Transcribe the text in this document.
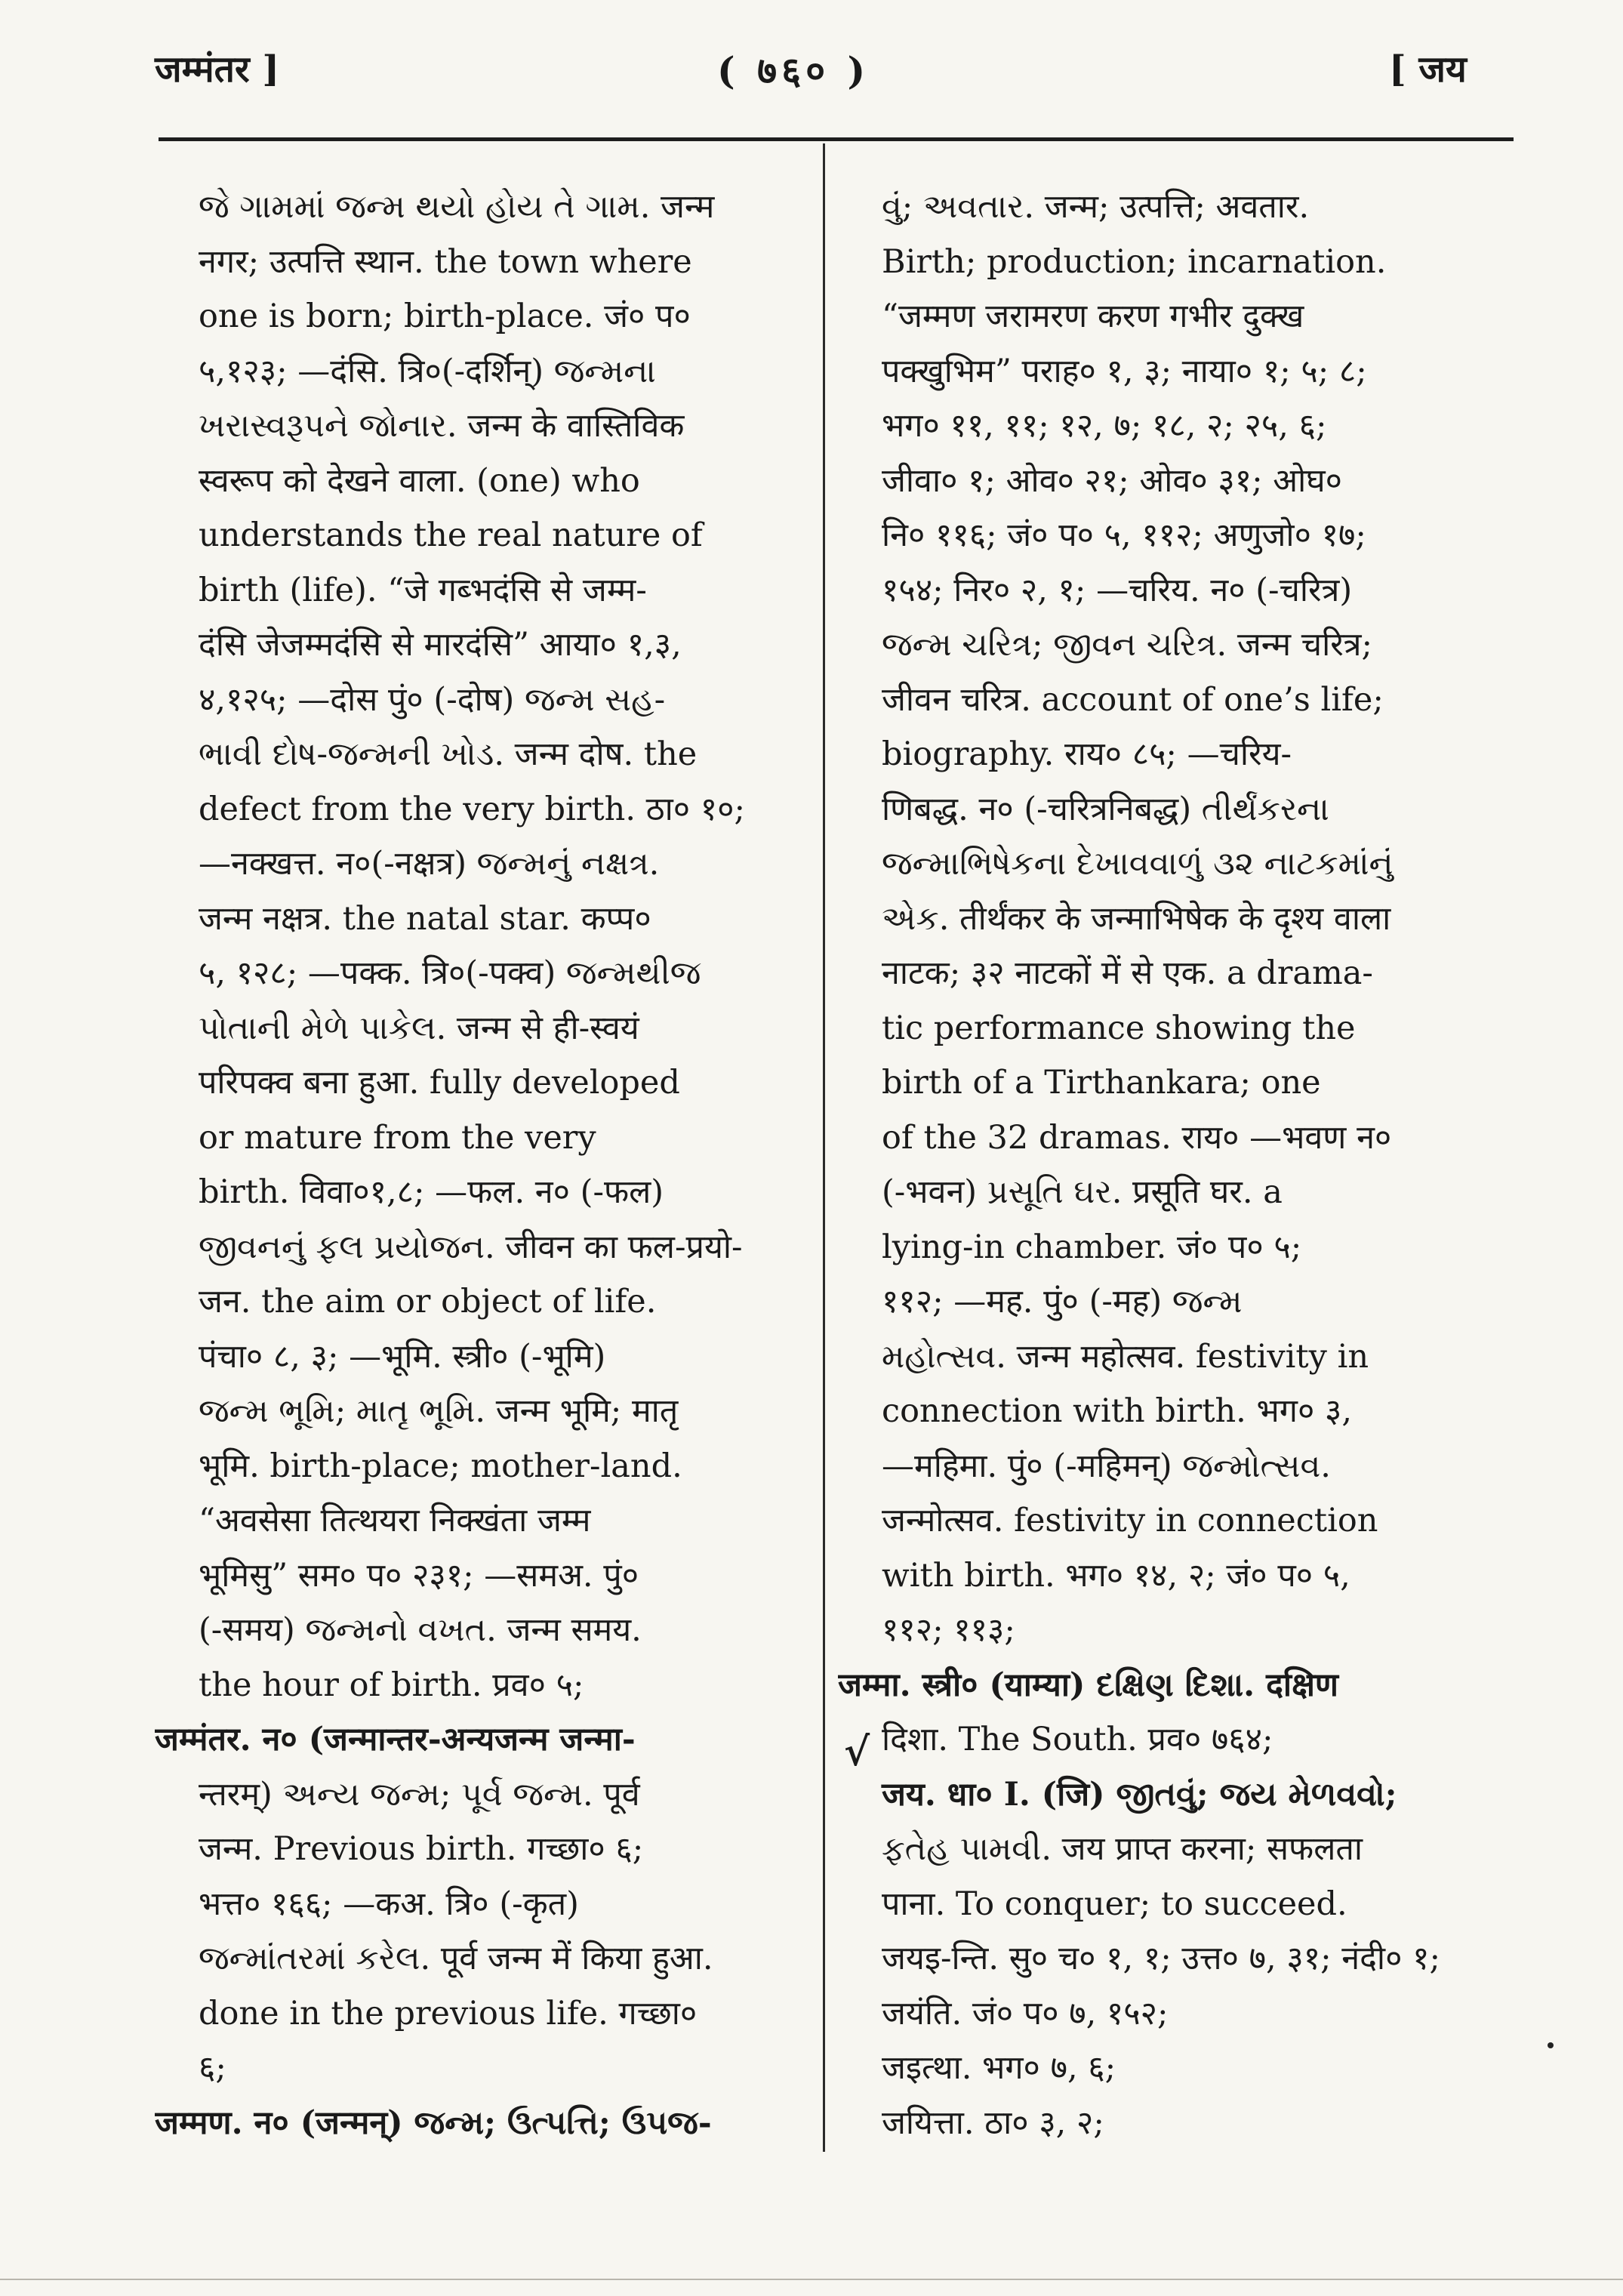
जम्मंतर ]	( ७६० )	[ जय
જે ગામમાં જન્મ થયો હોય તે ગામ. जन्म
नगर; उत्पत्ति स्थान. the town where
one is born; birth-place. जं० प०
५,१२३; —दंसि. त्रि०(-दर्शिन्) જન્મના
ખરાસ્વરૂપને જોનાર. जन्म के वास्तिविक
स्वरूप को देखने वाला. (one) who
understands the real nature of
birth (life). “जे गब्भदंसि से जम्म-
दंसि जेजम्मदंसि से मारदंसि” आया० १,३,
४,१२५; —दोस पुं० (-दोष) જન્મ સહ-
ભાવી દોષ-જન્મની ખોડ. जन्म दोष. the
defect from the very birth. ठा० १०;
—नक्खत्त. न०(-नक्षत्र) જન્મનું નક્ષત્ર.
जन्म नक्षत्र. the natal star. कप्प०
५, १२८; —पक्क. त्रि०(-पक्व) જન્મથીજ
પોતાની મેળે પાકેલ. जन्म से ही-स्वयं
परिपक्व बना हुआ. fully developed
or mature from the very
birth. विवा०१,८; —फल. न० (-फल)
જીવનનું ફલ પ્રયોજન. जीवन का फल-प्रयो-
जन. the aim or object of life.
पंचा० ८, ३; —भूमि. स्त्री० (-भूमि)
જન્મ ભૂમિ; માતૃ ભૂમિ. जन्म भूमि; मातृ
भूमि. birth-place; mother-land.
“अवसेसा तित्थयरा निक्खंता जम्म
भूमिसु” सम० प० २३१; —समअ. पुं०
(-समय) જન્મનો વખત. जन्म समय.
the hour of birth. प्रव० ५;
जम्मंतर. न० (जन्मान्तर-अन्यजन्म जन्मा-
न्तरम्) અન્ય જન્મ; પૂર્વ જન્મ. पूर्व
जन्म. Previous birth. गच्छा० ६;
भत्त० १६६; —कअ. त्रि० (-कृत)
જન્માંતરમાં કરેલ. पूर्व जन्म में किया हुआ.
done in the previous life. गच्छा०
६;
जम्मण. न० (जन्मन्) જન્મ; ઉત્પત્તિ; ઉપજ-
વું; અવતાર. जन्म; उत्पत्ति; अवतार.
Birth; production; incarnation.
“जम्मण जरामरण करण गभीर दुक्ख
पक्खुभिम” पराह० १, ३; नाया० १; ५; ८;
भग० ११, ११; १२, ७; १८, २; २५, ६;
जीवा० १; ओव० २१; ओव० ३१; ओघ०
नि० ११६; जं० प० ५, ११२; अणुजो० १७;
१५४; निर० २, १; —चरिय. न० (-चरित्र)
જન્મ ચરિત્ર; જીવન ચરિત્ર. जन्म चरित्र;
जीवन चरित्र. account of one’s life;
biography. राय० ८५; —चरिय-
णिबद्ध. न० (-चरित्रनिबद्ध) તીર્થંકરના
જન્માભિષેકના દેખાવવાળું ૩૨ નાટકમાંનું
એક. तीर्थंकर के जन्माभिषेक के दृश्य वाला
नाटक; ३२ नाटकों में से एक. a drama-
tic performance showing the
birth of a Tirthankara; one
of the 32 dramas. राय० —भवण न०
(-भवन) પ્રસૂતિ ઘર. प्रसूति घर. a
lying-in chamber. जं० प० ५;
११२; —मह. पुं० (-मह) જન્મ
મહોત્સવ. जन्म महोत्सव. festivity in
connection with birth. भग० ३,
—महिमा. पुं० (-महिमन्) જન્મોત્સવ.
जन्मोत्सव. festivity in connection
with birth. भग० १४, २; जं० प० ५,
११२; ११३;
जम्मा. स्त्री० (याम्या) દક્ષિણ દિશા. दक्षिण
दिशा. The South. प्रव० ७६४;
जय. धा० I. (जि) જીતવું; જય મેળવવો;
ફતેહ પામવી. जय प्राप्त करना; सफलता
पाना. To conquer; to succeed.
जयइ-न्ति. सु० च० १, १; उत्त० ७, ३१; नंदी० १;
जयंति. जं० प० ७, १५२;
जइत्था. भग० ७, ६;
जयित्ता. ठा० ३, २;
√
